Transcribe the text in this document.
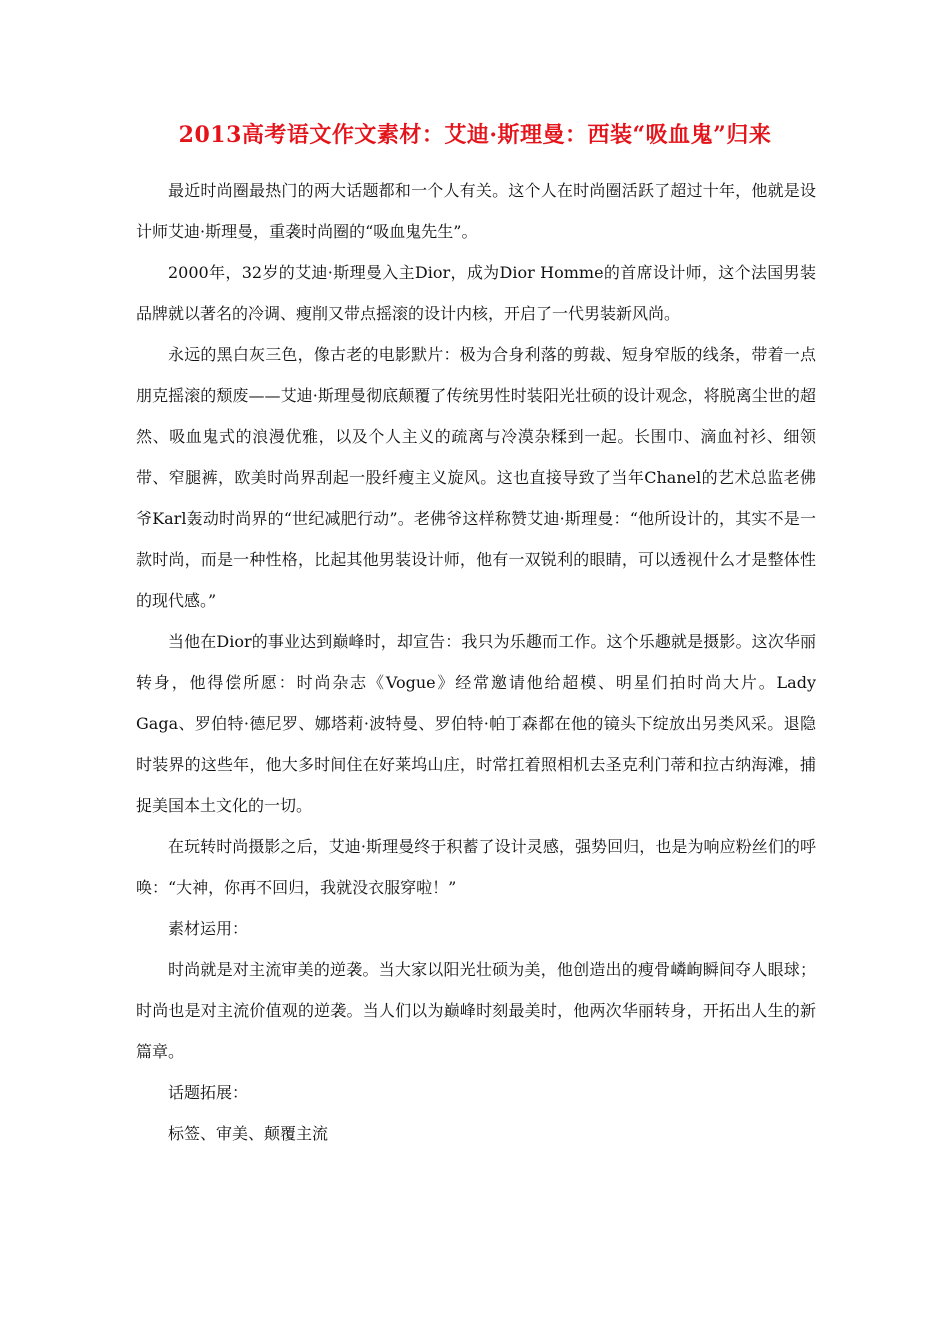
2013高考语文作文素材：艾迪·斯理曼：西装“吸血鬼”归来

最近时尚圈最热门的两大话题都和一个人有关。这个人在时尚圈活跃了超过十年，他就是设计师艾迪·斯理曼，重袭时尚圈的“吸血鬼先生”。

2000年，32岁的艾迪·斯理曼入主Dior，成为Dior Homme的首席设计师，这个法国男装品牌就以著名的冷调、瘦削又带点摇滚的设计内核，开启了一代男装新风尚。

永远的黑白灰三色，像古老的电影默片：极为合身利落的剪裁、短身窄版的线条，带着一点朋克摇滚的颓废——艾迪·斯理曼彻底颠覆了传统男性时装阳光壮硕的设计观念，将脱离尘世的超然、吸血鬼式的浪漫优雅，以及个人主义的疏离与冷漠杂糅到一起。长围巾、滴血衬衫、细领带、窄腿裤，欧美时尚界刮起一股纤瘦主义旋风。这也直接导致了当年Chanel的艺术总监老佛爷Karl轰动时尚界的“世纪减肥行动”。老佛爷这样称赞艾迪·斯理曼：“他所设计的，其实不是一款时尚，而是一种性格，比起其他男装设计师，他有一双锐利的眼睛，可以透视什么才是整体性的现代感。”

当他在Dior的事业达到巅峰时，却宣告：我只为乐趣而工作。这个乐趣就是摄影。这次华丽转身，他得偿所愿：时尚杂志《Vogue》经常邀请他给超模、明星们拍时尚大片。Lady Gaga、罗伯特·德尼罗、娜塔莉·波特曼、罗伯特·帕丁森都在他的镜头下绽放出另类风采。退隐时装界的这些年，他大多时间住在好莱坞山庄，时常扛着照相机去圣克利门蒂和拉古纳海滩，捕捉美国本土文化的一切。

在玩转时尚摄影之后，艾迪·斯理曼终于积蓄了设计灵感，强势回归，也是为响应粉丝们的呼唤：“大神，你再不回归，我就没衣服穿啦！”

素材运用：

时尚就是对主流审美的逆袭。当大家以阳光壮硕为美，他创造出的瘦骨嶙峋瞬间夺人眼球；时尚也是对主流价值观的逆袭。当人们以为巅峰时刻最美时，他两次华丽转身，开拓出人生的新篇章。

话题拓展：

标签、审美、颠覆主流
